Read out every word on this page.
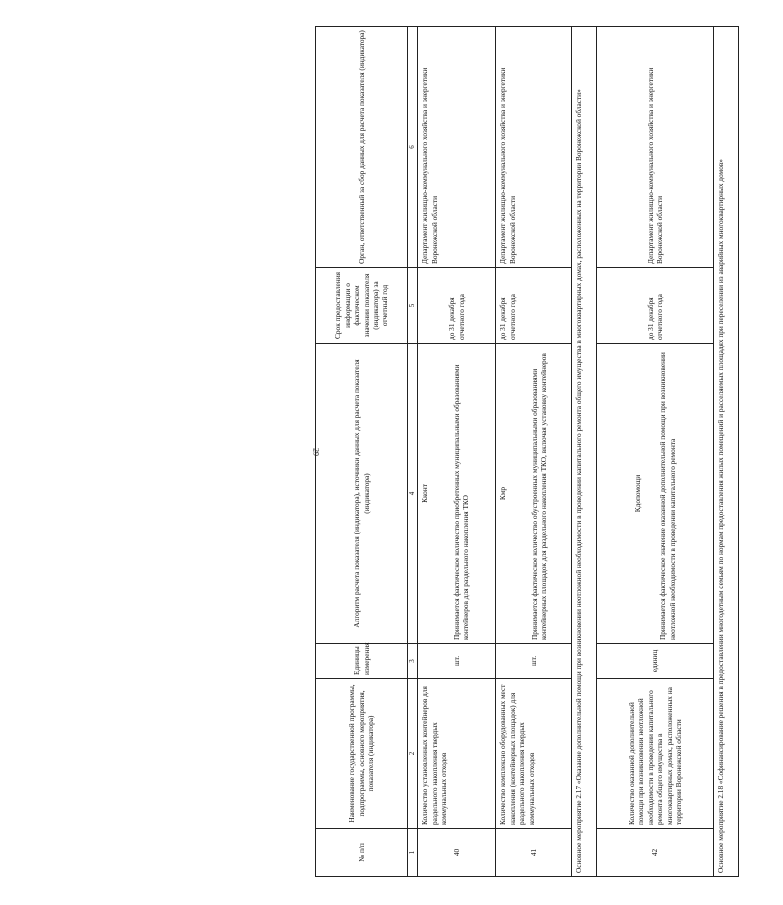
29
№ п/п	Наименование государственной программы, подпрограммы, основного мероприятия, показателя (индикатора)	Единицы измерения	Алгоритм расчета показателя (индикатора), источники данных для расчета показателя (индикатора)	Срок предоставления информации о фактическом значении показателя (индикатора) за отчетный год	Орган, ответственный за сбор данных для расчета показателя (индикатора)
1	2	3	4	5	6
40	Количество установленных контейнеров для раздельного накопления твердых коммунальных отходов	шт.	Кконт Принимается фактическое количество приобретенных муниципальными образованиями контейнеров для раздельного накопления ТКО	до 31 декабря отчетного года	Департамент жилищно-коммунального хозяйства и энергетики Воронежской области
41	Количество комплексно оборудованных мест накопления (контейнерных площадок) для раздельного накопления твердых коммунальных отходов	шт.	Кмр Принимается фактическое количество обустроенных муниципальными образованиями контейнерных площадок для раздельного накопления ТКО, включая установку контейнеров	до 31 декабря отчетного года	Департамент жилищно-коммунального хозяйства и энергетики Воронежской области
Основное мероприятие 2.17 «Оказание дополнительной помощи при возникновении неотложной необходимости в проведении капитального ремонта общего имущества в многоквартирных домах, расположенных на территории Воронежской области»					
42	Количество оказанной дополнительной помощи при возникновении неотложной необходимости в проведении капитального ремонта общего имущества в многоквартирных домах, расположенных на территории Воронежской области	единиц	Кдопомощи Принимается фактическое значение оказанной дополнительной помощи при возникновении неотложной необходимости в проведении капитального ремонта	до 31 декабря отчетного года	Департамент жилищно-коммунального хозяйства и энергетики Воронежской области
Основное мероприятие 2.18 «Софинансирование решения в предоставлении многодетным семьям по нормам предоставления жилых помещений и расселяемых площадях при переселении из аварийных многоквартирных домов»					
